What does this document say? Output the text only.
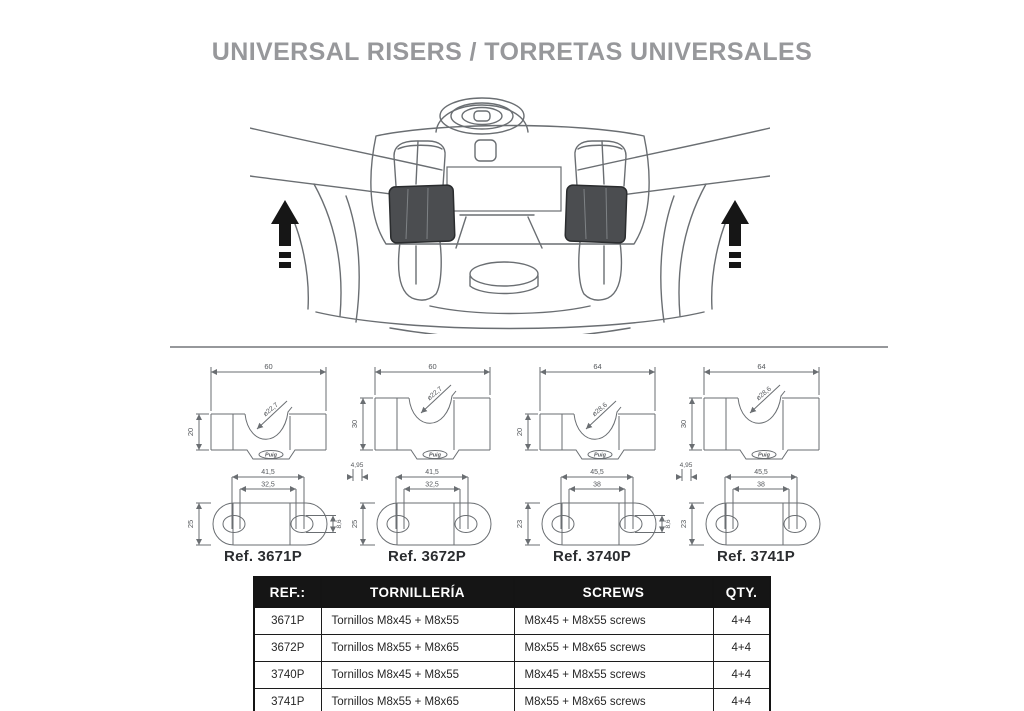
UNIVERSAL RISERS / TORRETAS UNIVERSALES
60
20
ø22,7
41,5
32,5
25	8,6
Puig
Ref. 3671P
60
30
ø22,7
41,5
32,5
25
4,95
Puig
Ref. 3672P
64
20
ø28,6
45,5
38
23	8,6
Puig
Ref. 3740P
64
30
ø28,6
45,5
38
23
4,95
Puig
Ref. 3741P
REF.:	TORNILLERÍA	SCREWS	QTY.
3671P	Tornillos M8x45 + M8x55	M8x45 + M8x55 screws	4+4
3672P	Tornillos M8x55 + M8x65	M8x55 + M8x65 screws	4+4
3740P	Tornillos M8x45 + M8x55	M8x45 + M8x55 screws	4+4
3741P	Tornillos M8x55 + M8x65	M8x55 + M8x65 screws	4+4
